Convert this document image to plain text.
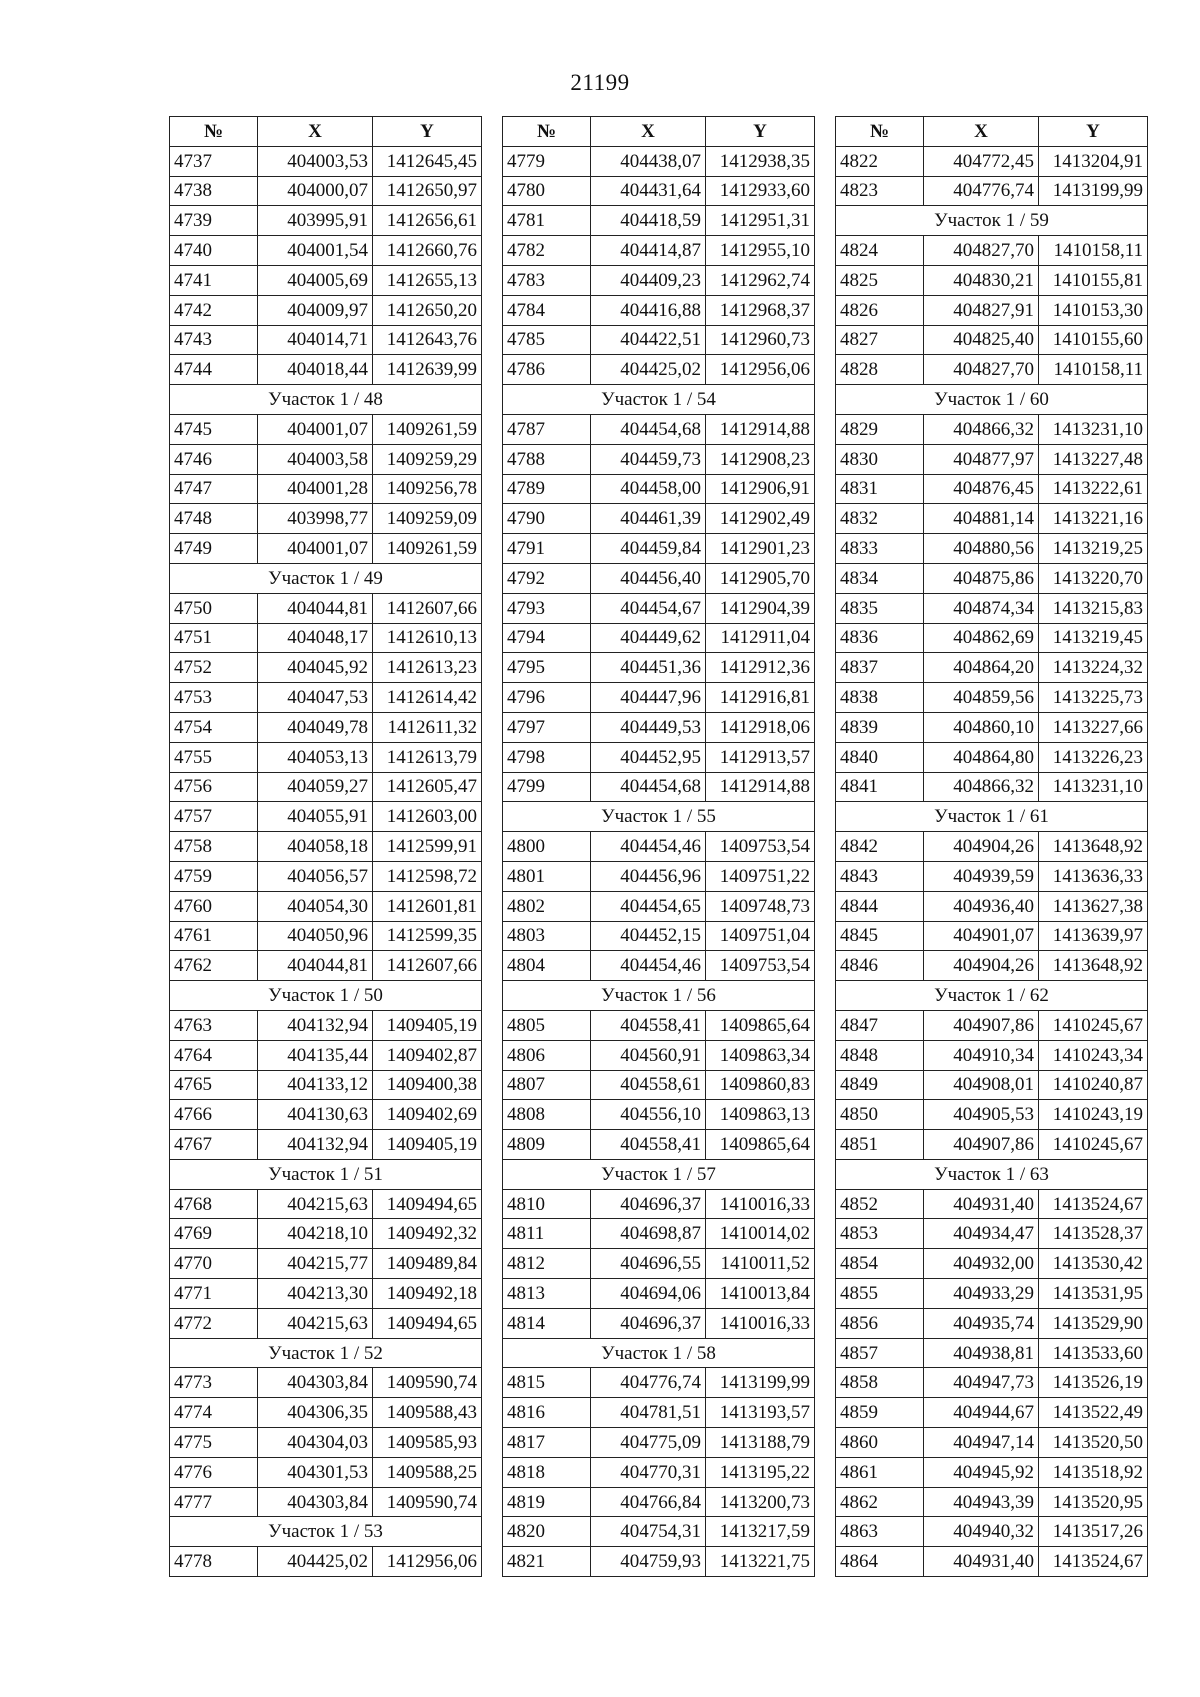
21199
№	X	Y
4737	404003,53	1412645,45
4738	404000,07	1412650,97
4739	403995,91	1412656,61
4740	404001,54	1412660,76
4741	404005,69	1412655,13
4742	404009,97	1412650,20
4743	404014,71	1412643,76
4744	404018,44	1412639,99
Участок 1 / 48		
4745	404001,07	1409261,59
4746	404003,58	1409259,29
4747	404001,28	1409256,78
4748	403998,77	1409259,09
4749	404001,07	1409261,59
Участок 1 / 49		
4750	404044,81	1412607,66
4751	404048,17	1412610,13
4752	404045,92	1412613,23
4753	404047,53	1412614,42
4754	404049,78	1412611,32
4755	404053,13	1412613,79
4756	404059,27	1412605,47
4757	404055,91	1412603,00
4758	404058,18	1412599,91
4759	404056,57	1412598,72
4760	404054,30	1412601,81
4761	404050,96	1412599,35
4762	404044,81	1412607,66
Участок 1 / 50		
4763	404132,94	1409405,19
4764	404135,44	1409402,87
4765	404133,12	1409400,38
4766	404130,63	1409402,69
4767	404132,94	1409405,19
Участок 1 / 51		
4768	404215,63	1409494,65
4769	404218,10	1409492,32
4770	404215,77	1409489,84
4771	404213,30	1409492,18
4772	404215,63	1409494,65
Участок 1 / 52		
4773	404303,84	1409590,74
4774	404306,35	1409588,43
4775	404304,03	1409585,93
4776	404301,53	1409588,25
4777	404303,84	1409590,74
Участок 1 / 53		
4778	404425,02	1412956,06
№	X	Y
4779	404438,07	1412938,35
4780	404431,64	1412933,60
4781	404418,59	1412951,31
4782	404414,87	1412955,10
4783	404409,23	1412962,74
4784	404416,88	1412968,37
4785	404422,51	1412960,73
4786	404425,02	1412956,06
Участок 1 / 54		
4787	404454,68	1412914,88
4788	404459,73	1412908,23
4789	404458,00	1412906,91
4790	404461,39	1412902,49
4791	404459,84	1412901,23
4792	404456,40	1412905,70
4793	404454,67	1412904,39
4794	404449,62	1412911,04
4795	404451,36	1412912,36
4796	404447,96	1412916,81
4797	404449,53	1412918,06
4798	404452,95	1412913,57
4799	404454,68	1412914,88
Участок 1 / 55		
4800	404454,46	1409753,54
4801	404456,96	1409751,22
4802	404454,65	1409748,73
4803	404452,15	1409751,04
4804	404454,46	1409753,54
Участок 1 / 56		
4805	404558,41	1409865,64
4806	404560,91	1409863,34
4807	404558,61	1409860,83
4808	404556,10	1409863,13
4809	404558,41	1409865,64
Участок 1 / 57		
4810	404696,37	1410016,33
4811	404698,87	1410014,02
4812	404696,55	1410011,52
4813	404694,06	1410013,84
4814	404696,37	1410016,33
Участок 1 / 58		
4815	404776,74	1413199,99
4816	404781,51	1413193,57
4817	404775,09	1413188,79
4818	404770,31	1413195,22
4819	404766,84	1413200,73
4820	404754,31	1413217,59
4821	404759,93	1413221,75
№	X	Y
4822	404772,45	1413204,91
4823	404776,74	1413199,99
Участок 1 / 59		
4824	404827,70	1410158,11
4825	404830,21	1410155,81
4826	404827,91	1410153,30
4827	404825,40	1410155,60
4828	404827,70	1410158,11
Участок 1 / 60		
4829	404866,32	1413231,10
4830	404877,97	1413227,48
4831	404876,45	1413222,61
4832	404881,14	1413221,16
4833	404880,56	1413219,25
4834	404875,86	1413220,70
4835	404874,34	1413215,83
4836	404862,69	1413219,45
4837	404864,20	1413224,32
4838	404859,56	1413225,73
4839	404860,10	1413227,66
4840	404864,80	1413226,23
4841	404866,32	1413231,10
Участок 1 / 61		
4842	404904,26	1413648,92
4843	404939,59	1413636,33
4844	404936,40	1413627,38
4845	404901,07	1413639,97
4846	404904,26	1413648,92
Участок 1 / 62		
4847	404907,86	1410245,67
4848	404910,34	1410243,34
4849	404908,01	1410240,87
4850	404905,53	1410243,19
4851	404907,86	1410245,67
Участок 1 / 63		
4852	404931,40	1413524,67
4853	404934,47	1413528,37
4854	404932,00	1413530,42
4855	404933,29	1413531,95
4856	404935,74	1413529,90
4857	404938,81	1413533,60
4858	404947,73	1413526,19
4859	404944,67	1413522,49
4860	404947,14	1413520,50
4861	404945,92	1413518,92
4862	404943,39	1413520,95
4863	404940,32	1413517,26
4864	404931,40	1413524,67
